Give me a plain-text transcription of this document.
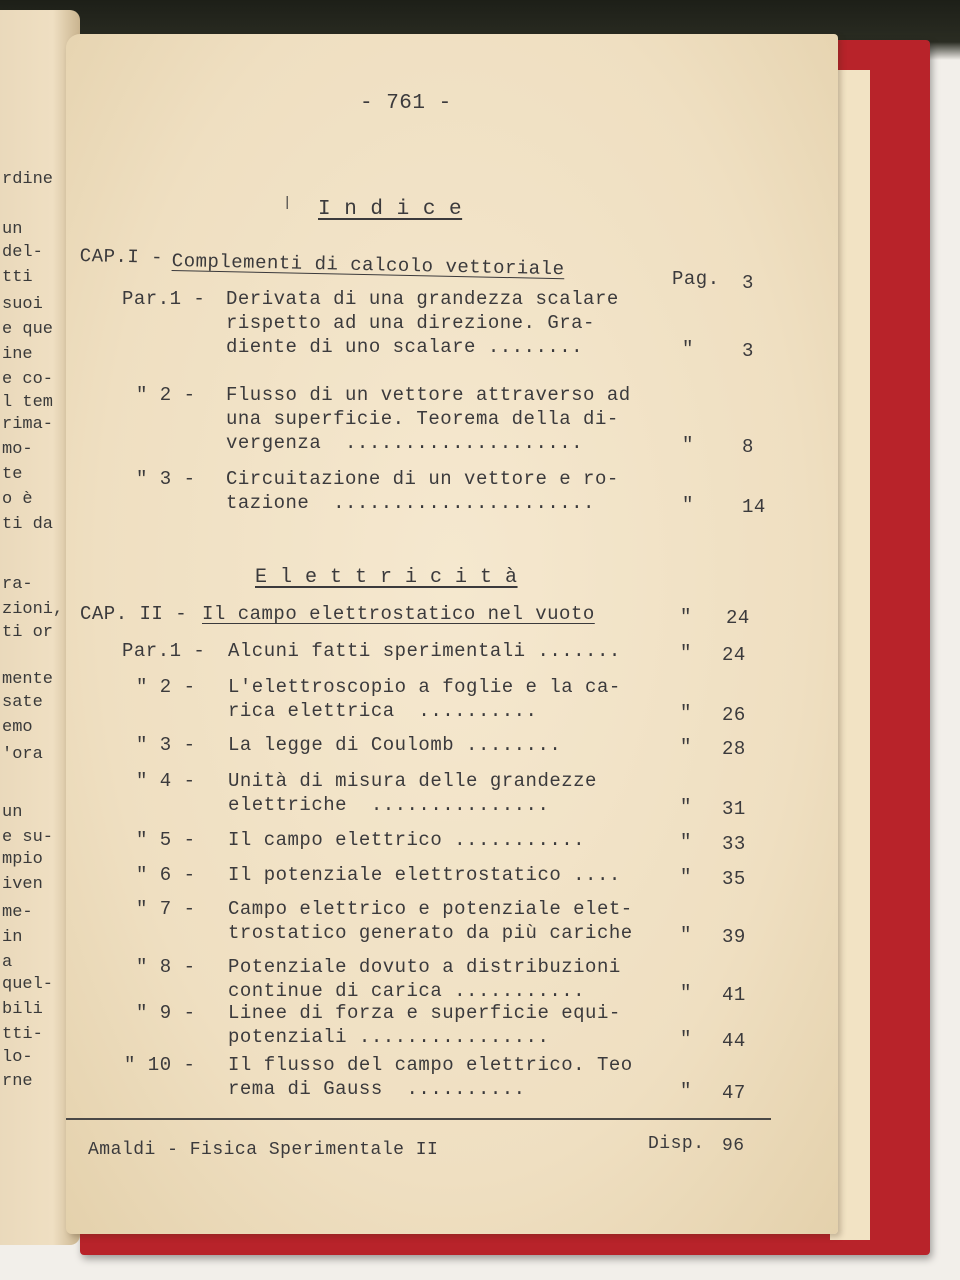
rdine
un
del-
tti
suoi
e que
ine
e co-
l tem
rima-
mo-
te
o è
ti da
ra-
zioni,
ti or
mente
sate
emo
'ora
un
e su-
mpio
iven
me-
in
a
quel-
bili
tti-
lo-
rne
- 761 -
| I n d i c e
CAP.I - Complementi di calcolo vettoriale	Pag. 3
Par.1 - Derivata di una grandezza scalare
rispetto ad una direzione. Gra-
diente di uno scalare ........	"	3
" 2 - Flusso di un vettore attraverso ad
una superficie. Teorema della di-
vergenza  ....................	"	8
" 3 - Circuitazione di un vettore e ro-
tazione  ......................	"	14
E l e t t r i c i t à
CAP. II - Il campo elettrostatico nel vuoto	" 24
Par.1 - Alcuni fatti sperimentali .......	" 24
" 2 - L'elettroscopio a foglie e la ca-
rica elettrica  ..........	" 26
" 3 - La legge di Coulomb ........	" 28
" 4 - Unità di misura delle grandezze
elettriche  ...............	" 31
" 5 - Il campo elettrico ...........	" 33
" 6 - Il potenziale elettrostatico ....	" 35
" 7 - Campo elettrico e potenziale elet-
trostatico generato da più cariche " 39
" 8 - Potenziale dovuto a distribuzioni
continue di carica ...........	" 41
" 9 - Linee di forza e superficie equi-
potenziali ................	" 44
" 10 - Il flusso del campo elettrico. Teo
rema di Gauss  ..........	" 47
Amaldi - Fisica Sperimentale II	Disp. 96
